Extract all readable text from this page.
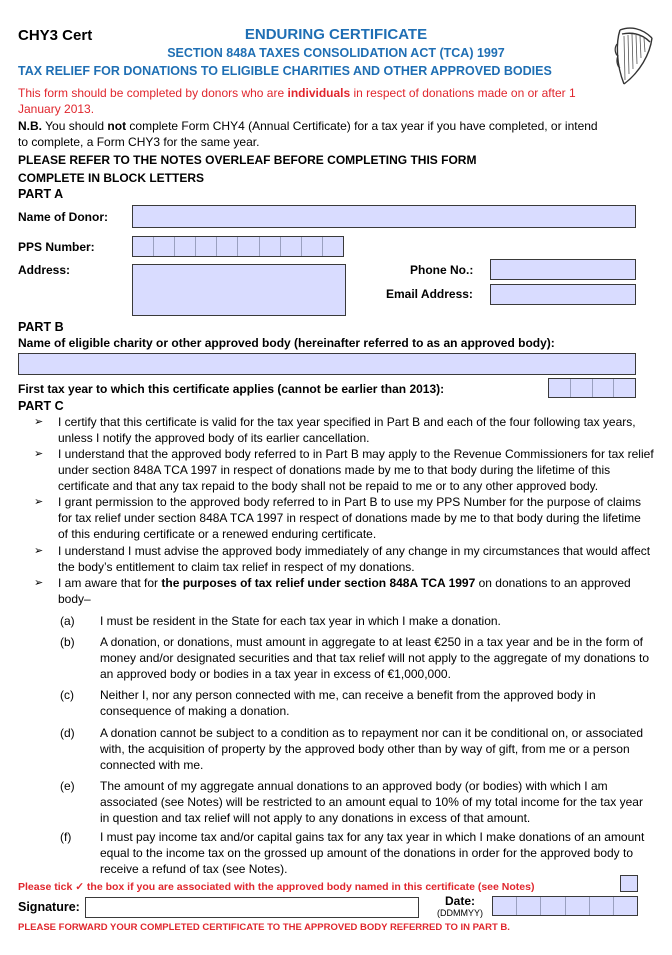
CHY3 Cert	ENDURING CERTIFICATE
SECTION 848A TAXES CONSOLIDATION ACT (TCA) 1997
TAX RELIEF FOR DONATIONS TO ELIGIBLE CHARITIES AND OTHER APPROVED BODIES
This form should be completed by donors who are individuals in respect of donations made on or after 1 January 2013.
N.B. You should not complete Form CHY4 (Annual Certificate) for a tax year if you have completed, or intend to complete, a Form CHY3 for the same year.
PLEASE REFER TO THE NOTES OVERLEAF BEFORE COMPLETING THIS FORM
COMPLETE IN BLOCK LETTERS
PART A
Name of Donor:
PPS Number:
Address:	Phone No.:
Email Address:
PART B
Name of eligible charity or other approved body (hereinafter referred to as an approved body):
First tax year to which this certificate applies (cannot be earlier than 2013):
PART C
➢ I certify that this certificate is valid for the tax year specified in Part B and each of the four following tax years, unless I notify the approved body of its earlier cancellation.
➢ I understand that the approved body referred to in Part B may apply to the Revenue Commissioners for tax relief under section 848A TCA 1997 in respect of donations made by me to that body during the lifetime of this certificate and that any tax repaid to the body shall not be repaid to me or to any other approved body.
➢ I grant permission to the approved body referred to in Part B to use my PPS Number for the purpose of claims for tax relief under section 848A TCA 1997 in respect of donations made by me to that body during the lifetime of this enduring certificate or a renewed enduring certificate.
➢ I understand I must advise the approved body immediately of any change in my circumstances that would affect the body’s entitlement to claim tax relief in respect of my donations.
➢ I am aware that for the purposes of tax relief under section 848A TCA 1997 on donations to an approved body–
(a) I must be resident in the State for each tax year in which I make a donation.
(b) A donation, or donations, must amount in aggregate to at least €250 in a tax year and be in the form of money and/or designated securities and that tax relief will not apply to the aggregate of my donations to an approved body or bodies in a tax year in excess of €1,000,000.
(c) Neither I, nor any person connected with me, can receive a benefit from the approved body in consequence of making a donation.
(d) A donation cannot be subject to a condition as to repayment nor can it be conditional on, or associated with, the acquisition of property by the approved body other than by way of gift, from me or a person connected with me.
(e) The amount of my aggregate annual donations to an approved body (or bodies) with which I am associated (see Notes) will be restricted to an amount equal to 10% of my total income for the tax year in question and tax relief will not apply to any donations in excess of that amount.
(f) I must pay income tax and/or capital gains tax for any tax year in which I make donations of an amount equal to the income tax on the grossed up amount of the donations in order for the approved body to receive a refund of tax (see Notes).
Please tick ✓ the box if you are associated with the approved body named in this certificate (see Notes)
Signature:	Date:
(DDMMYY)
PLEASE FORWARD YOUR COMPLETED CERTIFICATE TO THE APPROVED BODY REFERRED TO IN PART B.
